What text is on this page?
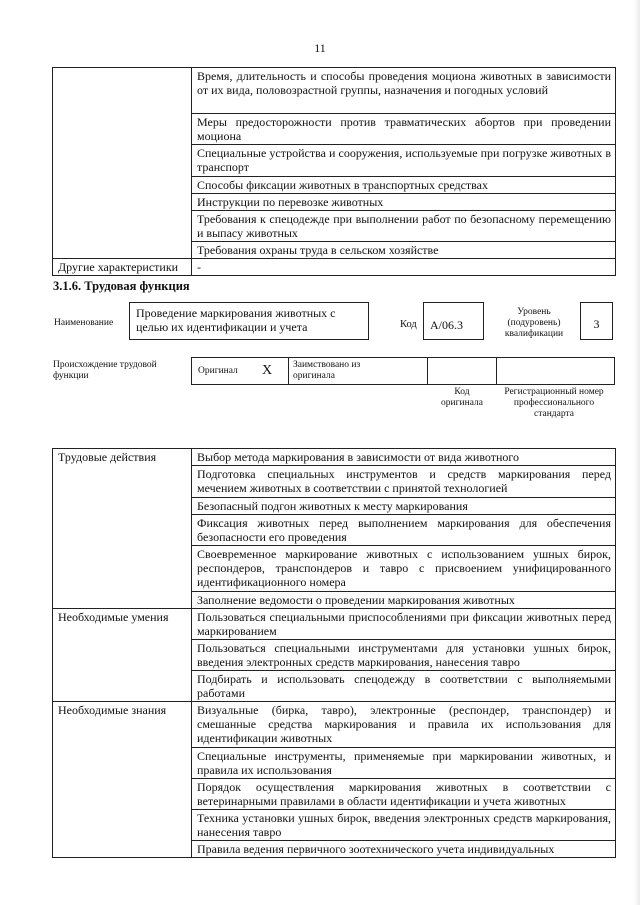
11
	Время, длительность и способы проведения моциона животных в зависимости от их вида, половозрастной группы, назначения и погодных условий
	Меры предосторожности против травматических абортов при проведении моциона
	Специальные устройства и сооружения, используемые при погрузке животных в транспорт
	Способы фиксации животных в транспортных средствах
	Инструкции по перевозке животных
	Требования к спецодежде при выполнении работ по безопасному перемещению и выпасу животных
	Требования охраны труда в сельском хозяйстве
Другие характеристики	-
3.1.6. Трудовая функция
Наименование
Проведение маркирования животных с целью их идентификации и учета	Код	A/06.3
Уровень (подуровень) квалификации
3
Происхождение трудовой функции	Оригинал X Заимствовано из оригинала
Код оригинала
Регистрационный номер профессионального стандарта
Трудовые действия	Выбор метода маркирования в зависимости от вида животного
	Подготовка специальных инструментов и средств маркирования перед мечением животных в соответствии с принятой технологией
	Безопасный подгон животных к месту маркирования
	Фиксация животных перед выполнением маркирования для обеспечения безопасности его проведения
	Своевременное маркирование животных с использованием ушных бирок, респондеров, транспондеров и тавро с присвоением унифицированного идентификационного номера
	Заполнение ведомости о проведении маркирования животных
Необходимые умения	Пользоваться специальными приспособлениями при фиксации животных перед маркированием
	Пользоваться специальными инструментами для установки ушных бирок, введения электронных средств маркирования, нанесения тавро
	Подбирать и использовать спецодежду в соответствии с выполняемыми работами
Необходимые знания	Визуальные (бирка, тавро), электронные (респондер, транспондер) и смешанные средства маркирования и правила их использования для идентификации животных
	Специальные инструменты, применяемые при маркировании животных, и правила их использования
	Порядок осуществления маркирования животных в соответствии с ветеринарными правилами в области идентификации и учета животных
	Техника установки ушных бирок, введения электронных средств маркирования, нанесения тавро
	Правила ведения первичного зоотехнического учета индивидуальных
